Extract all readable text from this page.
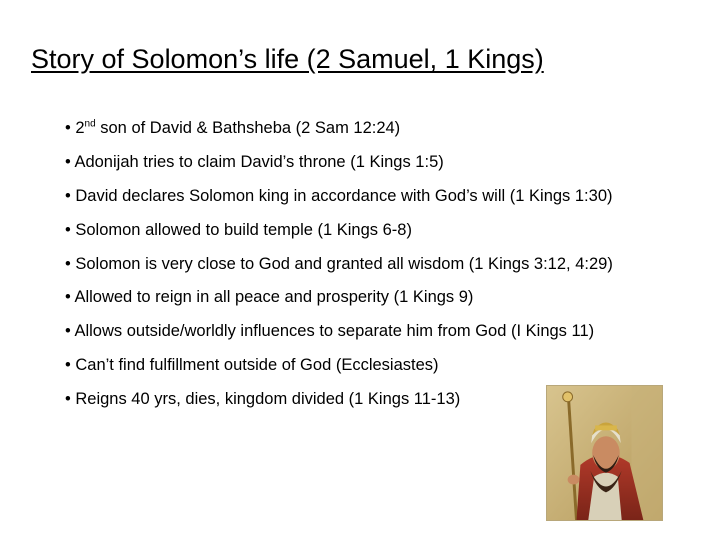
Story of Solomon’s life (2 Samuel, 1 Kings)
• 2nd son of David & Bathsheba (2 Sam 12:24)
• Adonijah tries to claim David’s throne (1 Kings 1:5)
• David declares Solomon king in accordance with God’s will (1 Kings 1:30)
• Solomon allowed to build temple (1 Kings 6-8)
• Solomon is very close to God and granted all wisdom (1 Kings 3:12, 4:29)
• Allowed to reign in all peace and prosperity (1 Kings 9)
• Allows outside/worldly influences to separate him from God (I Kings 11)
• Can’t find fulfillment outside of God (Ecclesiastes)
• Reigns 40 yrs, dies, kingdom divided (1 Kings 11-13)
